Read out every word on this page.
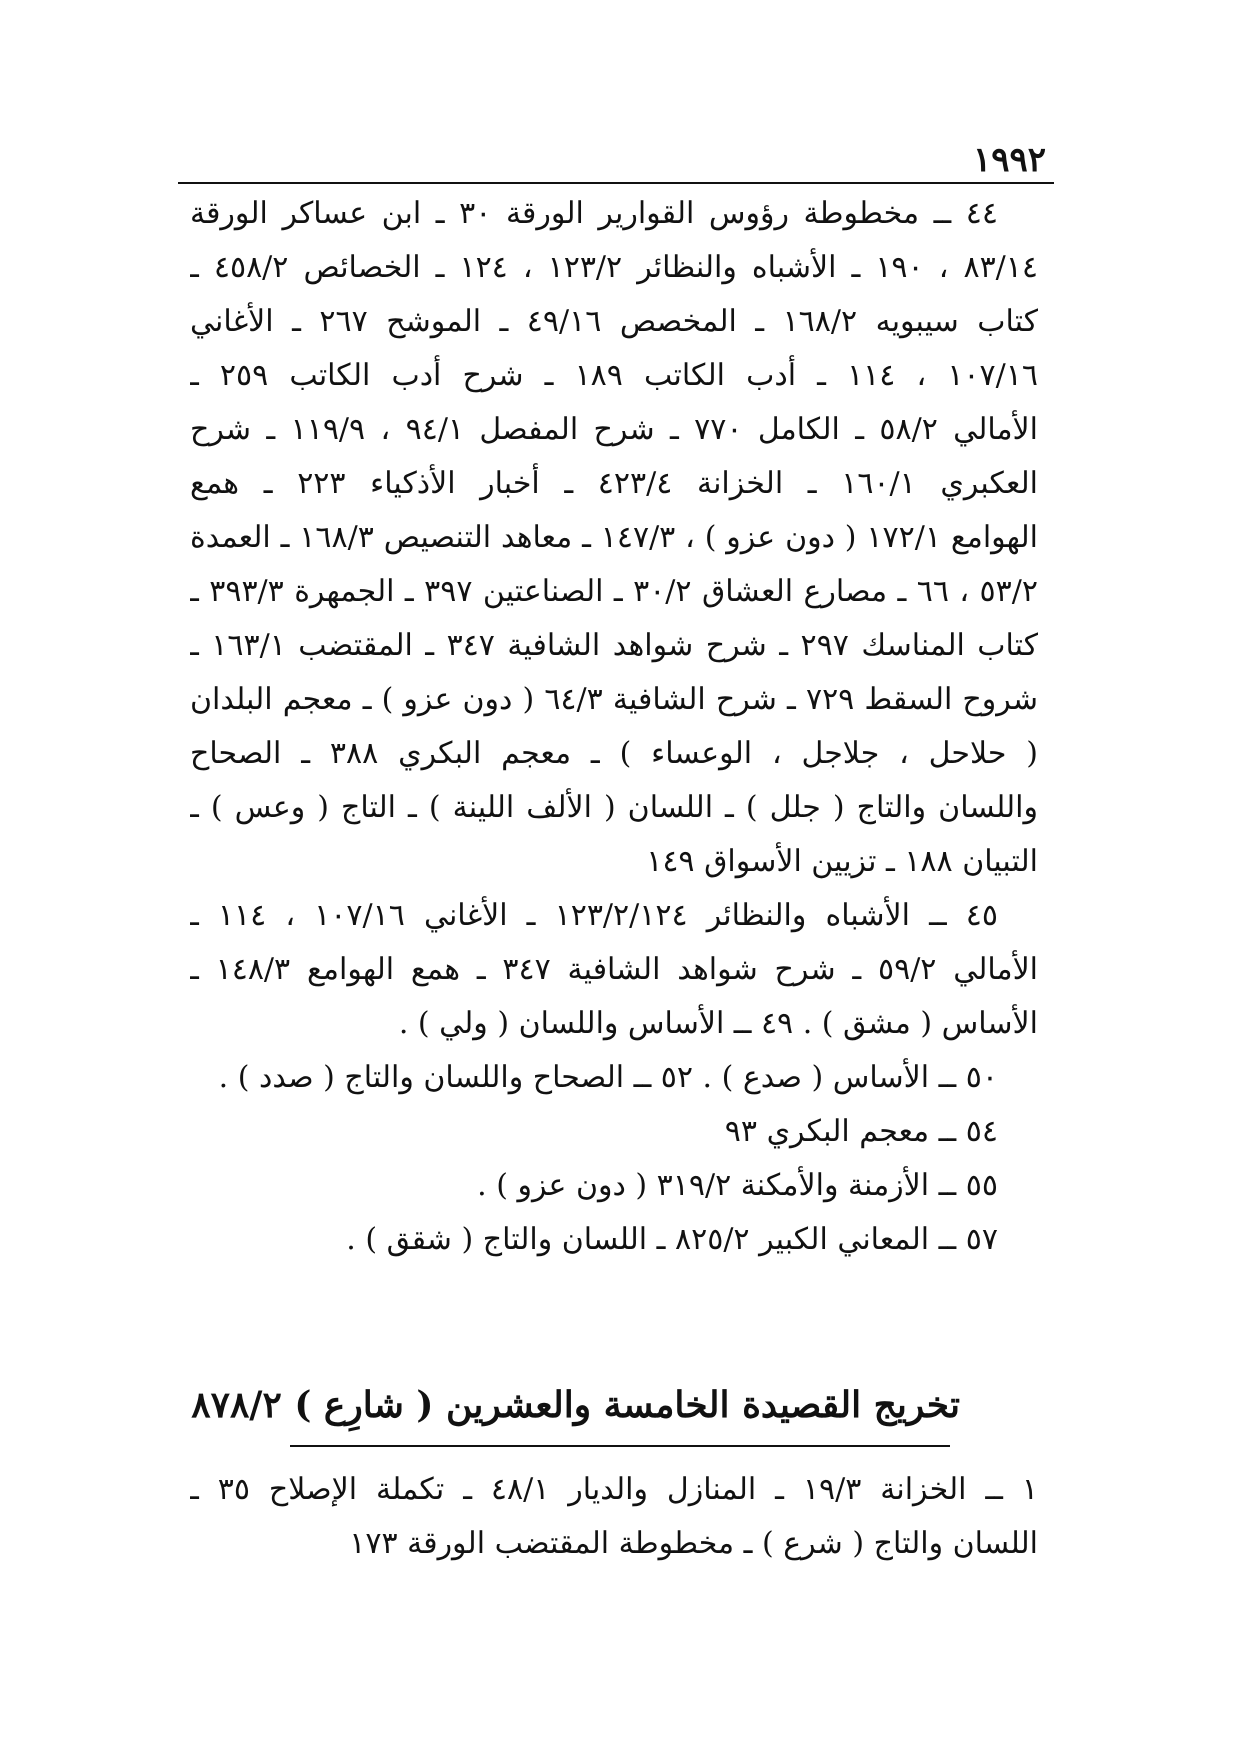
١٩٩٢
٤٤ ــ مخطوطة رؤوس القوارير الورقة ٣٠ ـ ابن عساكر الورقة
٨٣/١٤ ، ١٩٠ ـ الأشباه والنظائر ١٢٣/٢ ، ١٢٤ ـ الخصائص ٤٥٨/٢ ـ
كتاب سيبويه ١٦٨/٢ ـ المخصص ٤٩/١٦ ـ الموشح ٢٦٧ ـ الأغاني
١٠٧/١٦ ، ١١٤ ـ أدب الكاتب ١٨٩ ـ شرح أدب الكاتب ٢٥٩ ـ
الأمالي ٥٨/٢ ـ الكامل ٧٧٠ ـ شرح المفصل ٩٤/١ ، ١١٩/٩ ـ شرح
العكبري ١٦٠/١ ـ الخزانة ٤٢٣/٤ ـ أخبار الأذكياء ٢٢٣ ـ همع
الهوامع ١٧٢/١ ( دون عزو ) ، ١٤٧/٣ ـ معاهد التنصيص ١٦٨/٣ ـ العمدة
٥٣/٢ ، ٦٦ ـ مصارع العشاق ٣٠/٢ ـ الصناعتين ٣٩٧ ـ الجمهرة ٣٩٣/٣ ـ
كتاب المناسك ٢٩٧ ـ شرح شواهد الشافية ٣٤٧ ـ المقتضب ١٦٣/١ ـ
شروح السقط ٧٢٩ ـ شرح الشافية ٦٤/٣ ( دون عزو ) ـ معجم البلدان
( حلاحل ، جلاجل ، الوعساء ) ـ معجم البكري ٣٨٨ ـ الصحاح
واللسان والتاج ( جلل ) ـ اللسان ( الألف اللينة ) ـ التاج ( وعس ) ـ
التبيان ١٨٨ ـ تزيين الأسواق ١٤٩
٤٥ ــ الأشباه والنظائر ١٢٣/٢/١٢٤ ـ الأغاني ١٠٧/١٦ ، ١١٤ ـ
الأمالي ٥٩/٢ ـ شرح شواهد الشافية ٣٤٧ ـ همع الهوامع ١٤٨/٣ ـ
الأساس ( مشق ) . ٤٩ ــ الأساس واللسان ( ولي ) .
٥٠ ــ الأساس ( صدع ) . ٥٢ ــ الصحاح واللسان والتاج ( صدد ) .
٥٤ ــ معجم البكري ٩٣
٥٥ ــ الأزمنة والأمكنة ٣١٩/٢ ( دون عزو ) .
٥٧ ــ المعاني الكبير ٨٢٥/٢ ـ اللسان والتاج ( شقق ) .
تخريج القصيدة الخامسة والعشرين ( شارِع ) ٨٧٨/٢
١ ــ الخزانة ١٩/٣ ـ المنازل والديار ٤٨/١ ـ تكملة الإصلاح ٣٥ ـ
اللسان والتاج ( شرع ) ـ مخطوطة المقتضب الورقة ١٧٣
